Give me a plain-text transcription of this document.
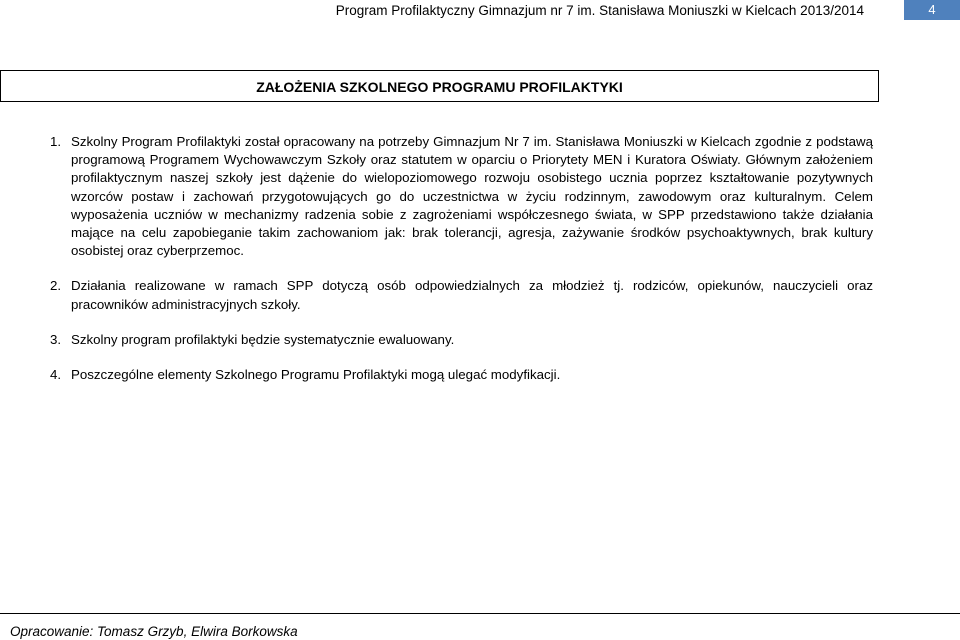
Program Profilaktyczny Gimnazjum nr 7 im. Stanisława Moniuszki w Kielcach 2013/2014	4
ZAŁOŻENIA SZKOLNEGO PROGRAMU PROFILAKTYKI
1. Szkolny Program Profilaktyki został opracowany na potrzeby Gimnazjum Nr 7 im. Stanisława Moniuszki w Kielcach zgodnie z podstawą programową Programem Wychowawczym Szkoły oraz statutem w oparciu o Priorytety MEN i Kuratora Oświaty. Głównym założeniem profilaktycznym naszej szkoły jest dążenie do wielopoziomowego rozwoju osobistego ucznia poprzez kształtowanie pozytywnych wzorców postaw i zachowań przygotowujących go do uczestnictwa w życiu rodzinnym, zawodowym oraz kulturalnym. Celem wyposażenia uczniów w mechanizmy radzenia sobie z zagrożeniami współczesnego świata, w SPP przedstawiono także działania mające na celu zapobieganie takim zachowaniom jak: brak tolerancji, agresja, zażywanie środków psychoaktywnych, brak kultury osobistej oraz cyberprzemoc.
2. Działania realizowane w ramach SPP dotyczą osób odpowiedzialnych za młodzież tj. rodziców, opiekunów, nauczycieli oraz pracowników administracyjnych szkoły.
3. Szkolny program profilaktyki będzie systematycznie ewaluowany.
4. Poszczególne elementy Szkolnego Programu Profilaktyki mogą ulegać modyfikacji.
Opracowanie: Tomasz Grzyb, Elwira Borkowska
